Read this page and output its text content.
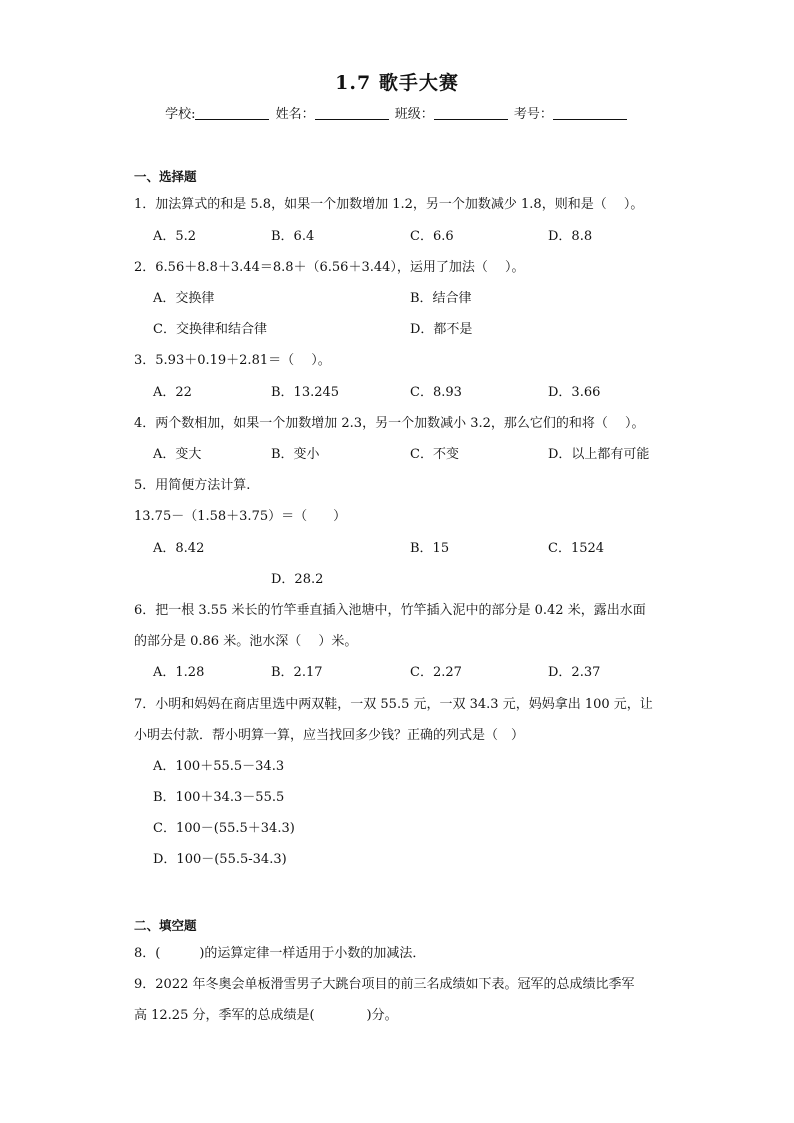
1.7 歌手大赛
学校:	姓名：	班级：	考号：
一、选择题
1．加法算式的和是 5.8，如果一个加数增加 1.2，另一个加数减少 1.8，则和是（　 ）。
A．5.2	B．6.4	C．6.6	D．8.8
2．6.56＋8.8＋3.44＝8.8＋（6.56＋3.44），运用了加法（　 ）。
A．交换律	B．结合律
C．交换律和结合律	D．都不是
3．5.93＋0.19＋2.81＝（　 ）。
A．22	B．13.245	C．8.93	D．3.66
4．两个数相加，如果一个加数增加 2.3，另一个加数减小 3.2，那么它们的和将（　 ）。
A．变大	B．变小	C．不变	D．以上都有可能
5．用简便方法计算.
13.75－（1.58＋3.75）＝（　　）
A．8.42	B．15	C．1524
D．28.2
6．把一根 3.55 米长的竹竿垂直插入池塘中，竹竿插入泥中的部分是 0.42 米，露出水面
的部分是 0.86 米。池水深（　 ）米。
A．1.28	B．2.17	C．2.27	D．2.37
7．小明和妈妈在商店里选中两双鞋，一双 55.5 元，一双 34.3 元，妈妈拿出 100 元，让
小明去付款．帮小明算一算，应当找回多少钱？正确的列式是（　）
A．100＋55.5－34.3
B．100＋34.3－55.5
C．100－(55.5＋34.3)
D．100－(55.5-34.3)
二、填空题
8．(　　　)的运算定律一样适用于小数的加减法．
9．2022 年冬奥会单板滑雪男子大跳台项目的前三名成绩如下表。冠军的总成绩比季军
高 12.25 分，季军的总成绩是(　　　　)分。
